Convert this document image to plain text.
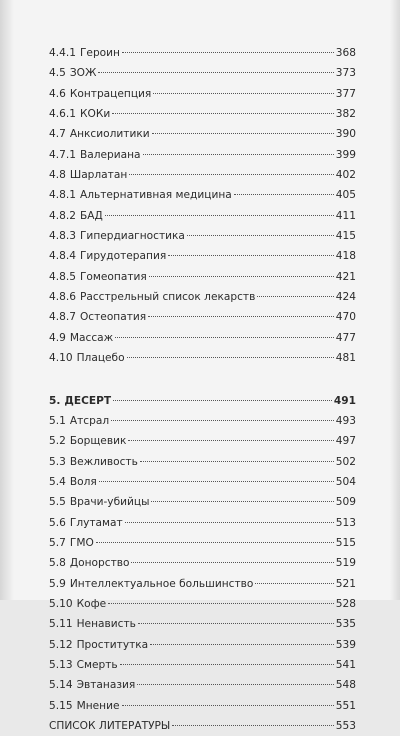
4.4.1 Героин	368
4.5 ЗОЖ	373
4.6 Контрацепция	377
4.6.1 КОКи	382
4.7 Анксиолитики	390
4.7.1 Валериана	399
4.8 Шарлатан	402
4.8.1 Альтернативная медицина	405
4.8.2 БАД	411
4.8.3 Гипердиагностика	415
4.8.4 Гирудотерапия	418
4.8.5 Гомеопатия	421
4.8.6 Расстрельный список лекарств	424
4.8.7 Остеопатия	470
4.9 Массаж	477
4.10 Плацебо	481
5. ДЕСЕРТ	491
5.1 Атсрал	493
5.2 Борщевик	497
5.3 Вежливость	502
5.4 Воля	504
5.5 Врачи-убийцы	509
5.6 Глутамат	513
5.7 ГМО	515
5.8 Донорство	519
5.9 Интеллектуальное большинство	521
5.10 Кофе	528
5.11 Ненависть	535
5.12 Проститутка	539
5.13 Смерть	541
5.14 Эвтаназия	548
5.15 Мнение	551
СПИСОК ЛИТЕРАТУРЫ	553
